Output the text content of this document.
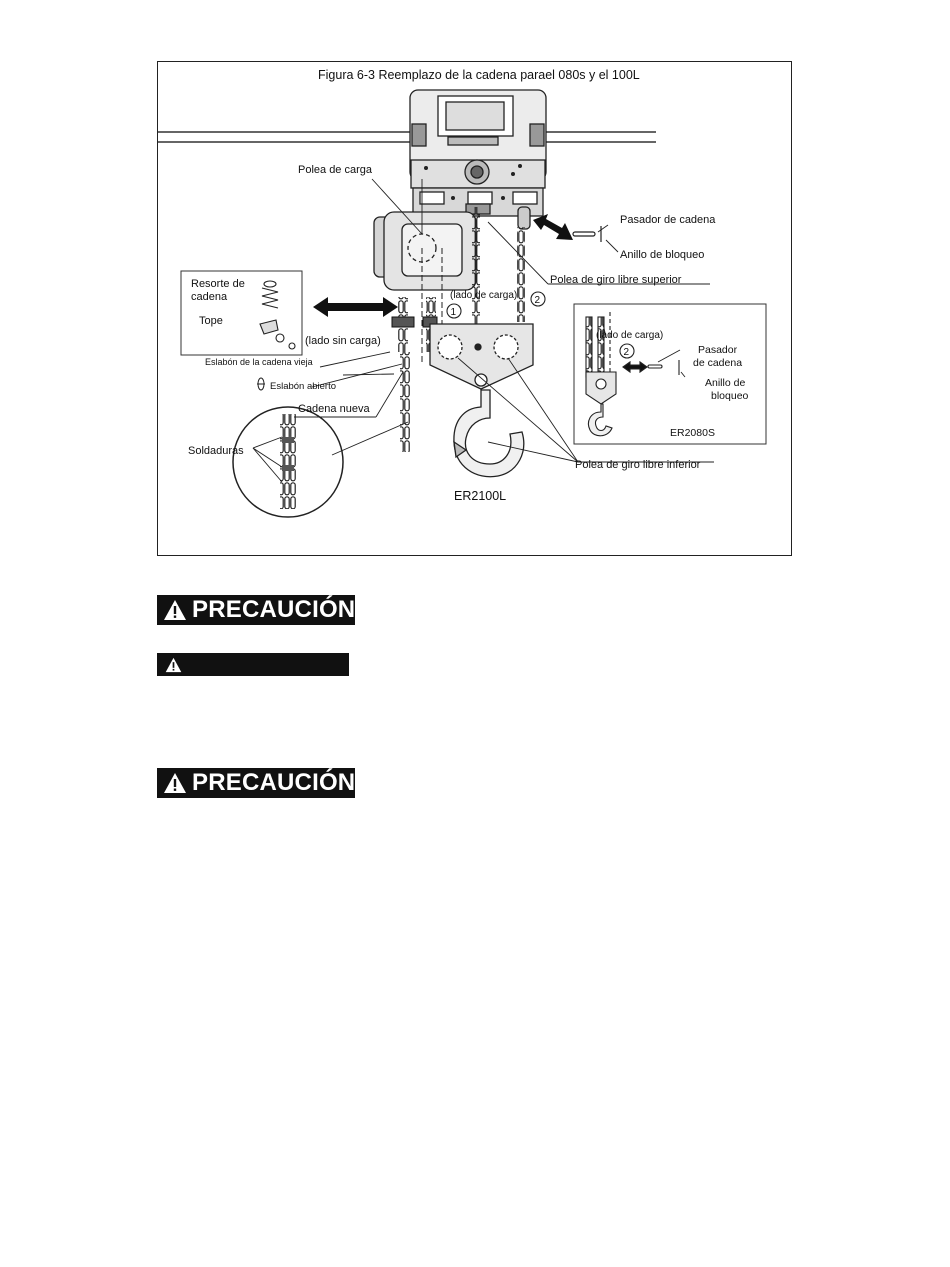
Figura 6-3 Reemplazo de la cadena parael 080s y el 100L
1
2
2
Polea de carga
Pasador de cadena
Anillo de bloqueo
Polea de giro libre superior
Resorte de
cadena
Tope
(lado de carga)
(lado sin carga)
Eslabón de la cadena vieja
Eslabón abierto
Cadena nueva
Soldaduras
Polea de giro libre inferior
ER2100L
(lado de carga)
Pasador
de cadena
Anillo de
bloqueo
ER2080S
PRECAUCIÓN
PRECAUCIÓN
